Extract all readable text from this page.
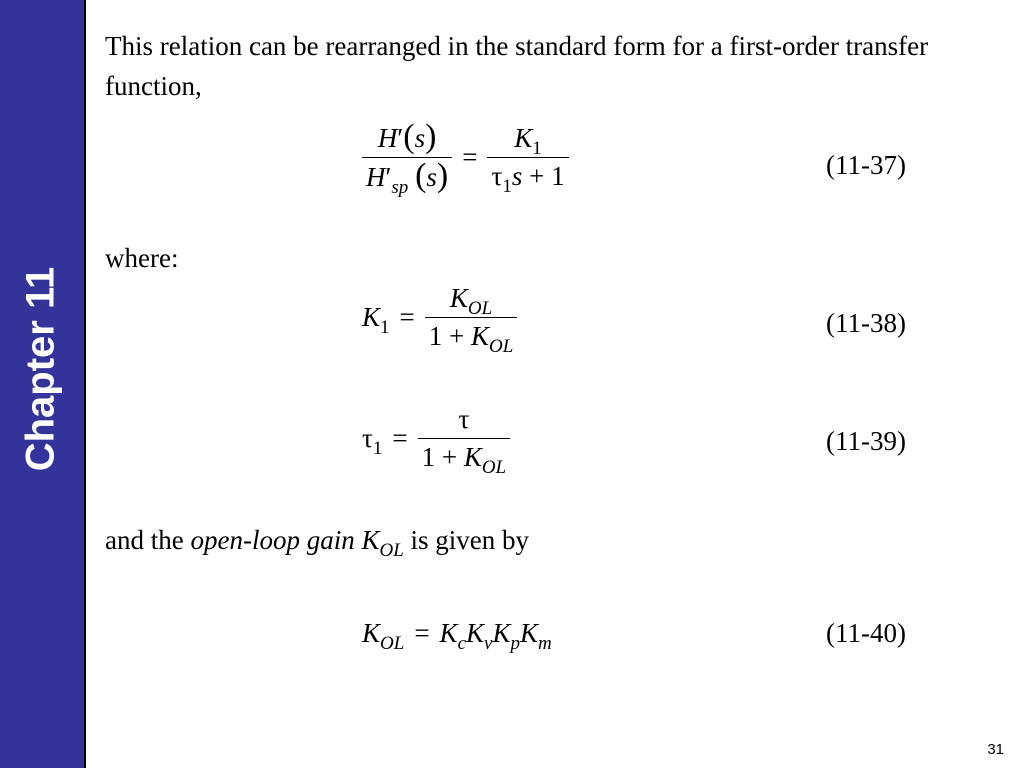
Chapter 11

This relation can be rearranged in the standard form for a first-order transfer function,

$\frac{H'(s)}{H'_{sp} (s)} = \frac{K_1}{\tau_1s + 1}$	(11-37)

where:

$K_1 = \frac{K_{OL}}{1 + K_{OL}}$	(11-38)
$\tau_1 = \frac{\tau}{1 + K_{OL}}$	(11-39)

and the open-loop gain $K_{OL}$ is given by

$K_{OL} = K_cK_vK_pK_m$	(11-40)
31
